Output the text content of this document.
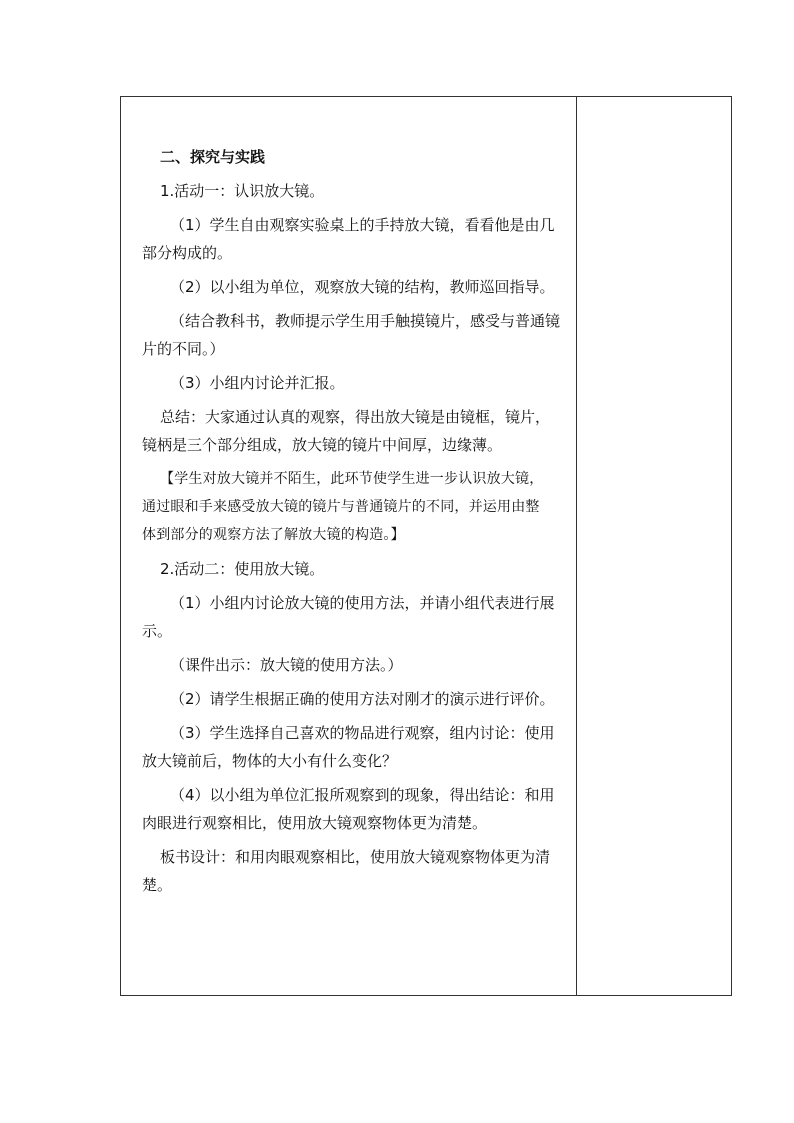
二、探究与实践
1.活动一：认识放大镜。
（1）学生自由观察实验桌上的手持放大镜，看看他是由几
部分构成的。
（2）以小组为单位，观察放大镜的结构，教师巡回指导。
（结合教科书，教师提示学生用手触摸镜片，感受与普通镜
片的不同。）
（3）小组内讨论并汇报。
总结：大家通过认真的观察，得出放大镜是由镜框，镜片，
镜柄是三个部分组成，放大镜的镜片中间厚，边缘薄。
【学生对放大镜并不陌生，此环节使学生进一步认识放大镜，
通过眼和手来感受放大镜的镜片与普通镜片的不同，并运用由整
体到部分的观察方法了解放大镜的构造。】
2.活动二：使用放大镜。
（1）小组内讨论放大镜的使用方法，并请小组代表进行展
示。
（课件出示：放大镜的使用方法。）
（2）请学生根据正确的使用方法对刚才的演示进行评价。
（3）学生选择自己喜欢的物品进行观察，组内讨论：使用
放大镜前后，物体的大小有什么变化？
（4）以小组为单位汇报所观察到的现象，得出结论：和用
肉眼进行观察相比，使用放大镜观察物体更为清楚。
板书设计：和用肉眼观察相比，使用放大镜观察物体更为清
楚。
